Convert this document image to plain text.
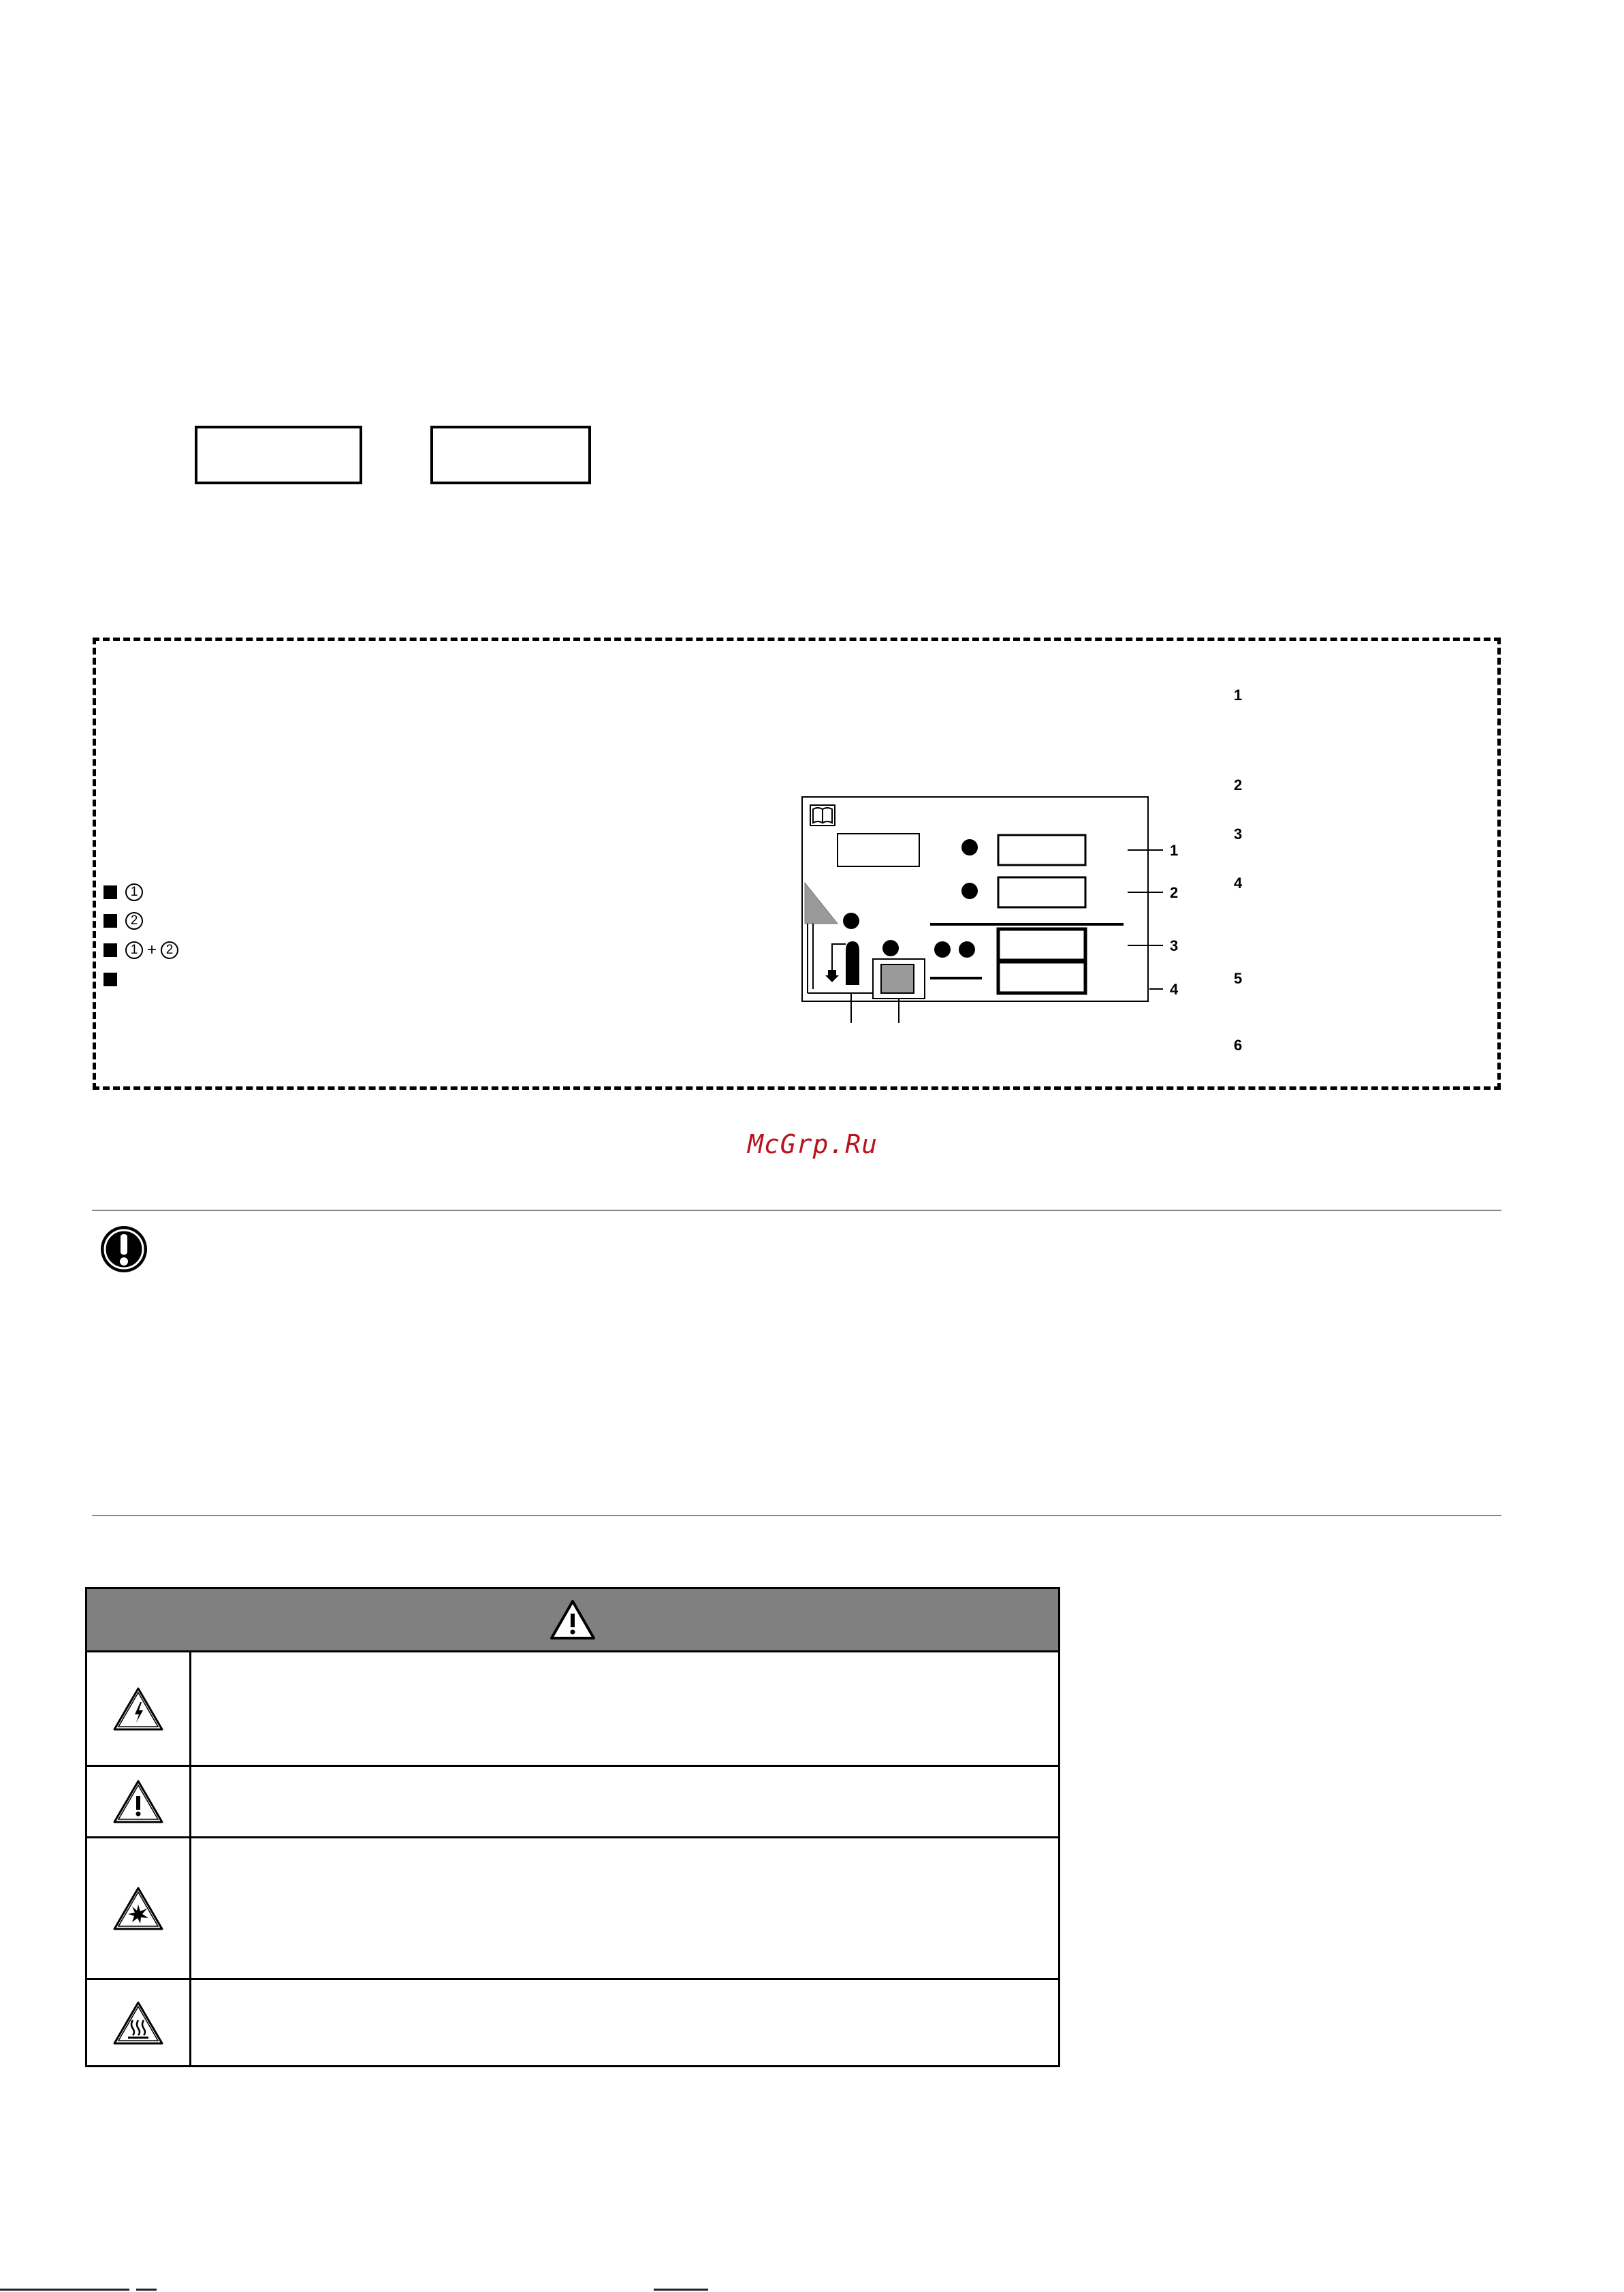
1
2
1 + 2
1
2
3
4
1
2
3
4
5
6
McGrp.Ru
